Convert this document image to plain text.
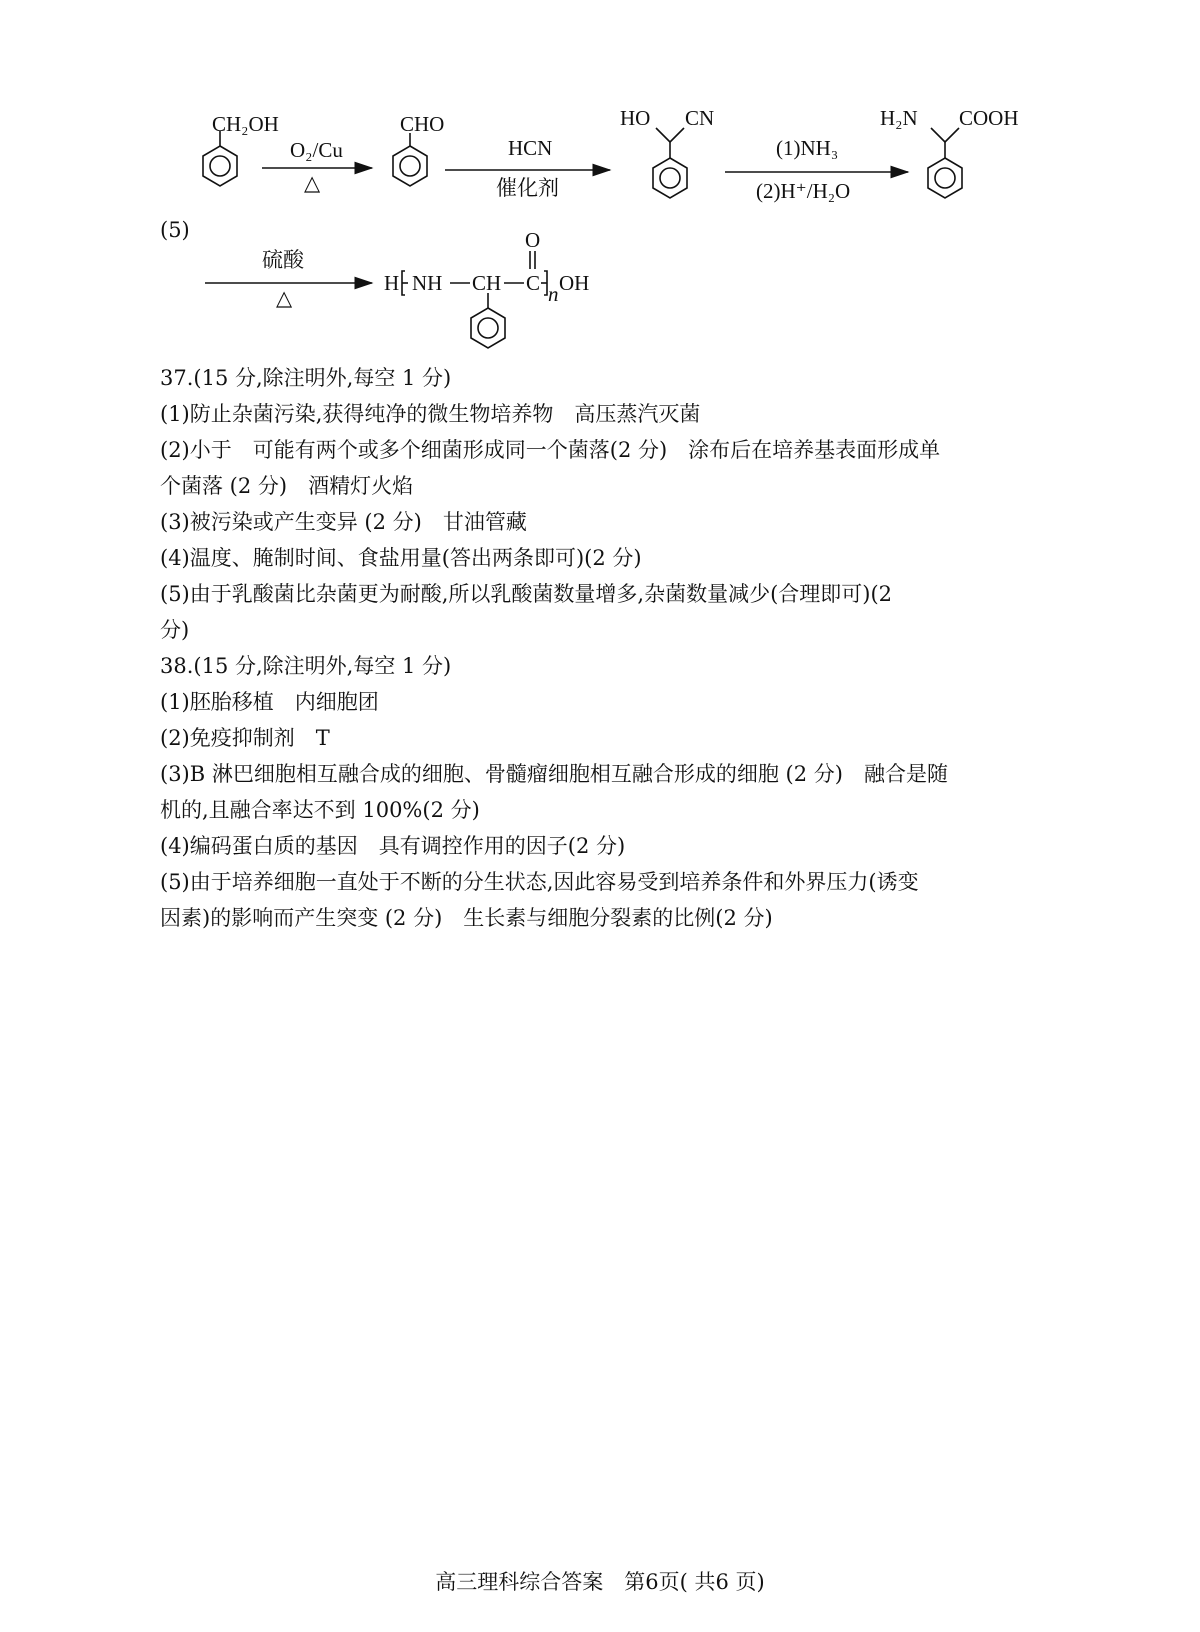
CH₂OH
O₂/Cu
△
CHO
HCN
催化剂
HO CN
(1)NH₃
(2)H⁺/H₂O
H₂N COOH
硫酸
△
H NH CH C
O
n OH
(5)
37.(15 分,除注明外,每空 1 分)
(1)防止杂菌污染,获得纯净的微生物培养物　高压蒸汽灭菌
(2)小于　可能有两个或多个细菌形成同一个菌落(2 分)　涂布后在培养基表面形成单
个菌落 (2 分)　酒精灯火焰
(3)被污染或产生变异 (2 分)　甘油管藏
(4)温度、腌制时间、食盐用量(答出两条即可)(2 分)
(5)由于乳酸菌比杂菌更为耐酸,所以乳酸菌数量增多,杂菌数量减少(合理即可)(2
分)
38.(15 分,除注明外,每空 1 分)
(1)胚胎移植　内细胞团
(2)免疫抑制剂　T
(3)B 淋巴细胞相互融合成的细胞、骨髓瘤细胞相互融合形成的细胞 (2 分)　融合是随
机的,且融合率达不到 100%(2 分)
(4)编码蛋白质的基因　具有调控作用的因子(2 分)
(5)由于培养细胞一直处于不断的分生状态,因此容易受到培养条件和外界压力(诱变
因素)的影响而产生突变 (2 分)　生长素与细胞分裂素的比例(2 分)
高三理科综合答案　第6页( 共6 页)
